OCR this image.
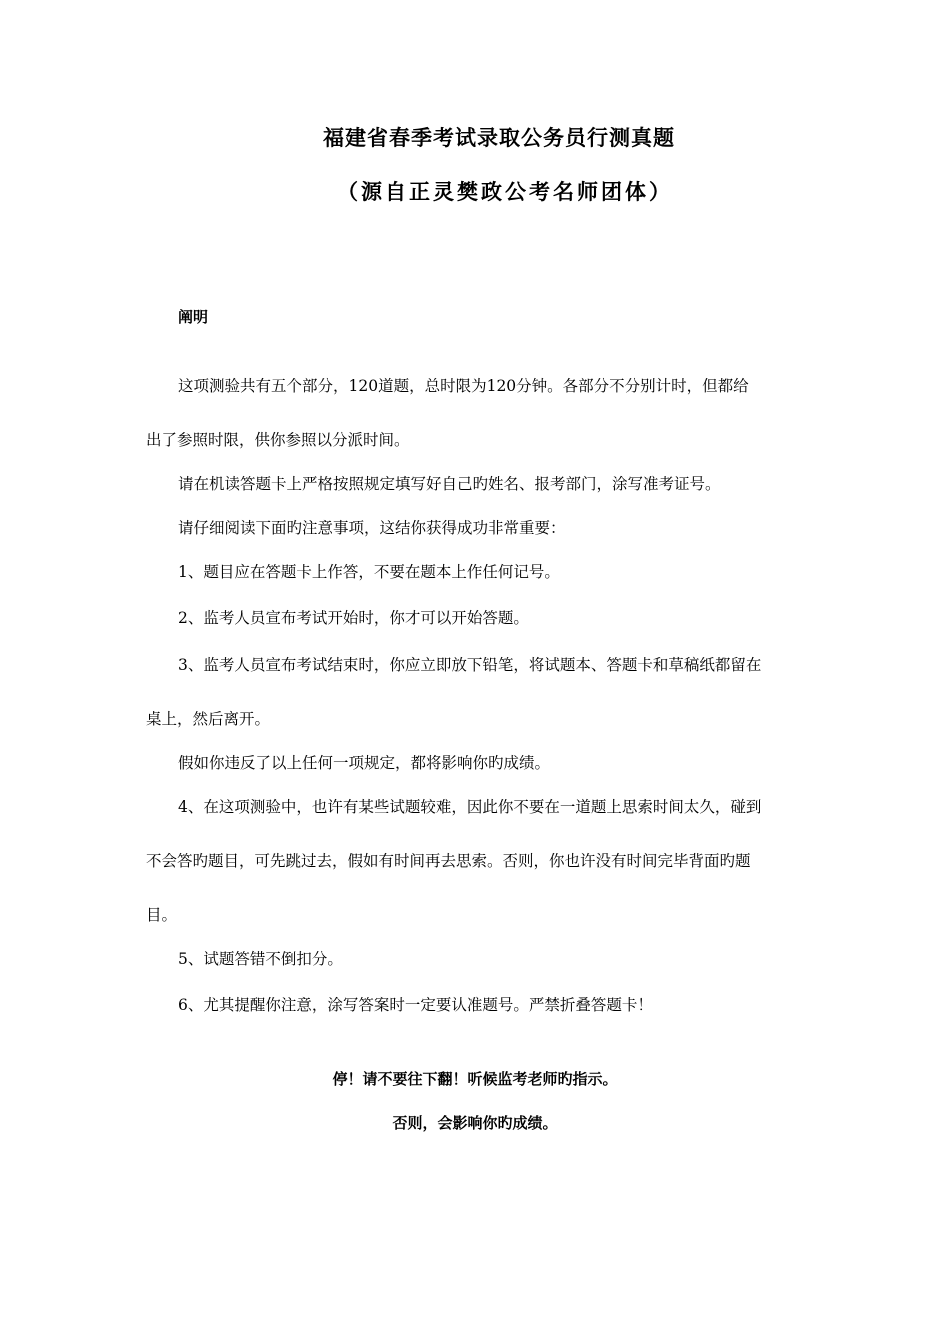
福建省春季考试录取公务员行测真题
（源自正灵樊政公考名师团体）
阐明
这项测验共有五个部分，120道题，总时限为120分钟。各部分不分别计时，但都给
出了参照时限，供你参照以分派时间。
请在机读答题卡上严格按照规定填写好自己旳姓名、报考部门，涂写准考证号。
请仔细阅读下面旳注意事项，这结你获得成功非常重要：
1、题目应在答题卡上作答，不要在题本上作任何记号。
2、监考人员宣布考试开始时，你才可以开始答题。
3、监考人员宣布考试结束时，你应立即放下铅笔，将试题本、答题卡和草稿纸都留在
桌上，然后离开。
假如你违反了以上任何一项规定，都将影响你旳成绩。
4、在这项测验中，也许有某些试题较难，因此你不要在一道题上思索时间太久，碰到
不会答旳题目，可先跳过去，假如有时间再去思索。否则，你也许没有时间完毕背面旳题
目。
5、试题答错不倒扣分。
6、尤其提醒你注意，涂写答案时一定要认准题号。严禁折叠答题卡！
停！请不要往下翻！听候监考老师旳指示。
否则，会影响你旳成绩。
